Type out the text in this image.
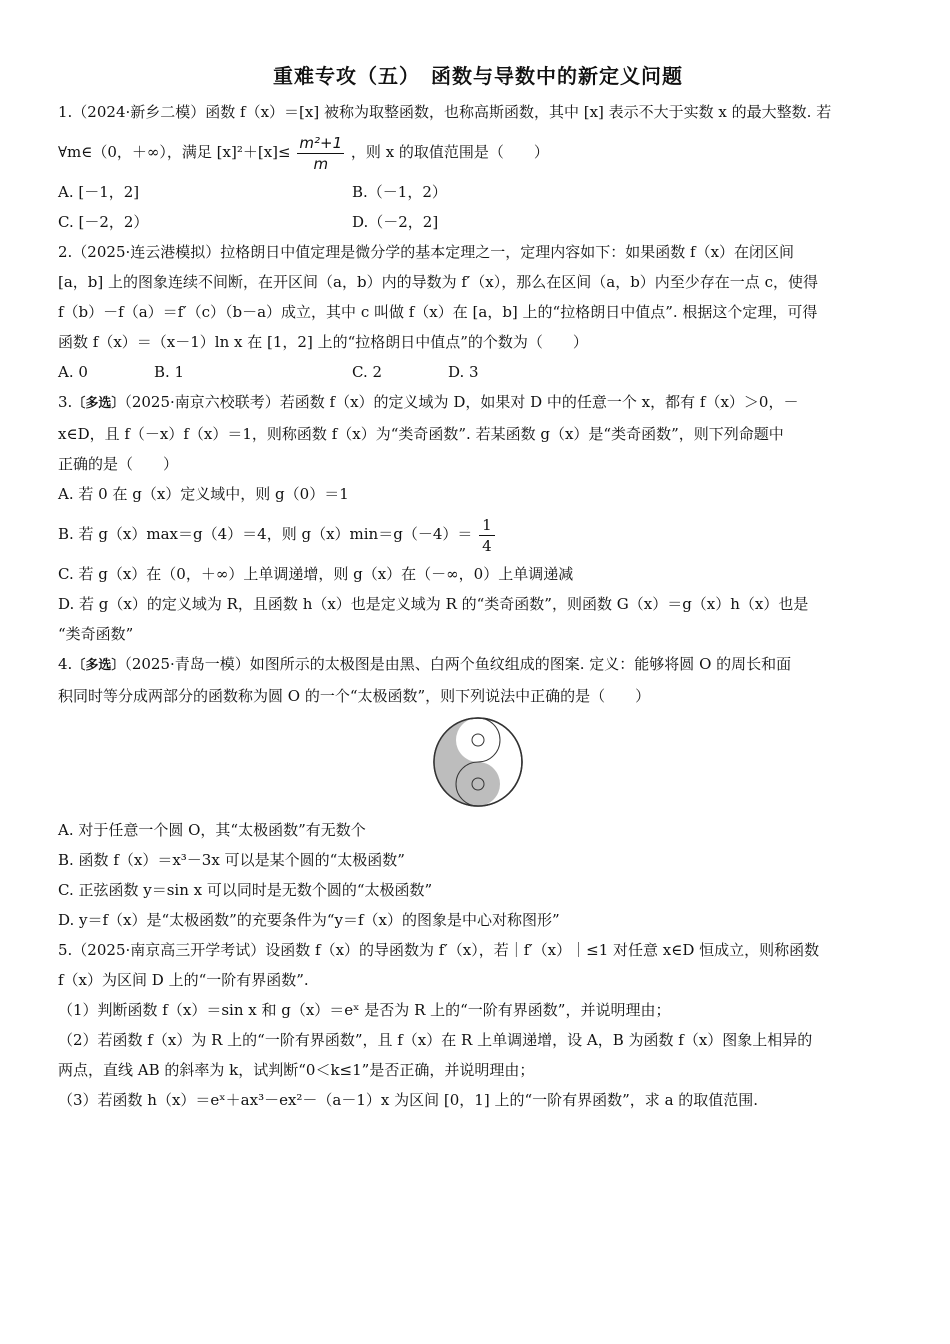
重难专攻（五）　函数与导数中的新定义问题
1.（2024·新乡二模）函数 f（x）＝[x] 被称为取整函数，也称高斯函数，其中 [x] 表示不大于实数 x 的最大整数. 若
∀m∈（0，＋∞），满足 $[x]^2+[x]\le \frac{\text{m²+1}}{m}$ ，则 x 的取值范围是（　　）
A. [－1，2]	B.（－1，2）
C. [－2，2）	D.（－2，2]
2.（2025·连云港模拟）拉格朗日中值定理是微分学的基本定理之一，定理内容如下：如果函数 f（x）在闭区间
[a，b] 上的图象连续不间断，在开区间（a，b）内的导数为 f′（x），那么在区间（a，b）内至少存在一点 c，使得
f（b）－f（a）＝f′（c）（b－a）成立，其中 c 叫做 f（x）在 [a，b] 上的“拉格朗日中值点”. 根据这个定理，可得
函数 f（x）＝（x－1）ln x 在 [1，2] 上的“拉格朗日中值点”的个数为（　　）
A. 0	B. 1	C. 2	D. 3
3.〔多选〕（2025·南京六校联考）若函数 f（x）的定义域为 D，如果对 D 中的任意一个 x，都有 f（x）＞0，－
x∈D，且 f（－x）f（x）＝1，则称函数 f（x）为“类奇函数”. 若某函数 g（x）是“类奇函数”，则下列命题中
正确的是（　　）
A. 若 0 在 g（x）定义域中，则 g（0）＝1
B. 若 g（x）max＝g（4）＝4，则 $g(x)\min=g(-4)= \frac{1}{4}$
C. 若 g（x）在（0，＋∞）上单调递增，则 g（x）在（－∞，0）上单调递减
D. 若 g（x）的定义域为 R，且函数 h（x）也是定义域为 R 的“类奇函数”，则函数 G（x）＝g（x）h（x）也是
“类奇函数”
4.〔多选〕（2025·青岛一模）如图所示的太极图是由黑、白两个鱼纹组成的图案. 定义：能够将圆 O 的周长和面
积同时等分成两部分的函数称为圆 O 的一个“太极函数”，则下列说法中正确的是（　　）
A. 对于任意一个圆 O，其“太极函数”有无数个
B. 函数 f（x）＝x³－3x 可以是某个圆的“太极函数”
C. 正弦函数 y＝sin x 可以同时是无数个圆的“太极函数”
D. y＝f（x）是“太极函数”的充要条件为“y＝f（x）的图象是中心对称图形”
5.（2025·南京高三开学考试）设函数 f（x）的导函数为 f′（x），若｜f′（x）｜≤1 对任意 x∈D 恒成立，则称函数
f（x）为区间 D 上的“一阶有界函数”.
（1）判断函数 f（x）＝sin x 和 g（x）＝eˣ 是否为 R 上的“一阶有界函数”，并说明理由；
（2）若函数 f（x）为 R 上的“一阶有界函数”，且 f（x）在 R 上单调递增，设 A，B 为函数 f（x）图象上相异的
两点，直线 AB 的斜率为 k，试判断“0＜k≤1”是否正确，并说明理由；
（3）若函数 h（x）＝eˣ＋ax³－ex²－（a－1）x 为区间 [0，1] 上的“一阶有界函数”，求 a 的取值范围.
